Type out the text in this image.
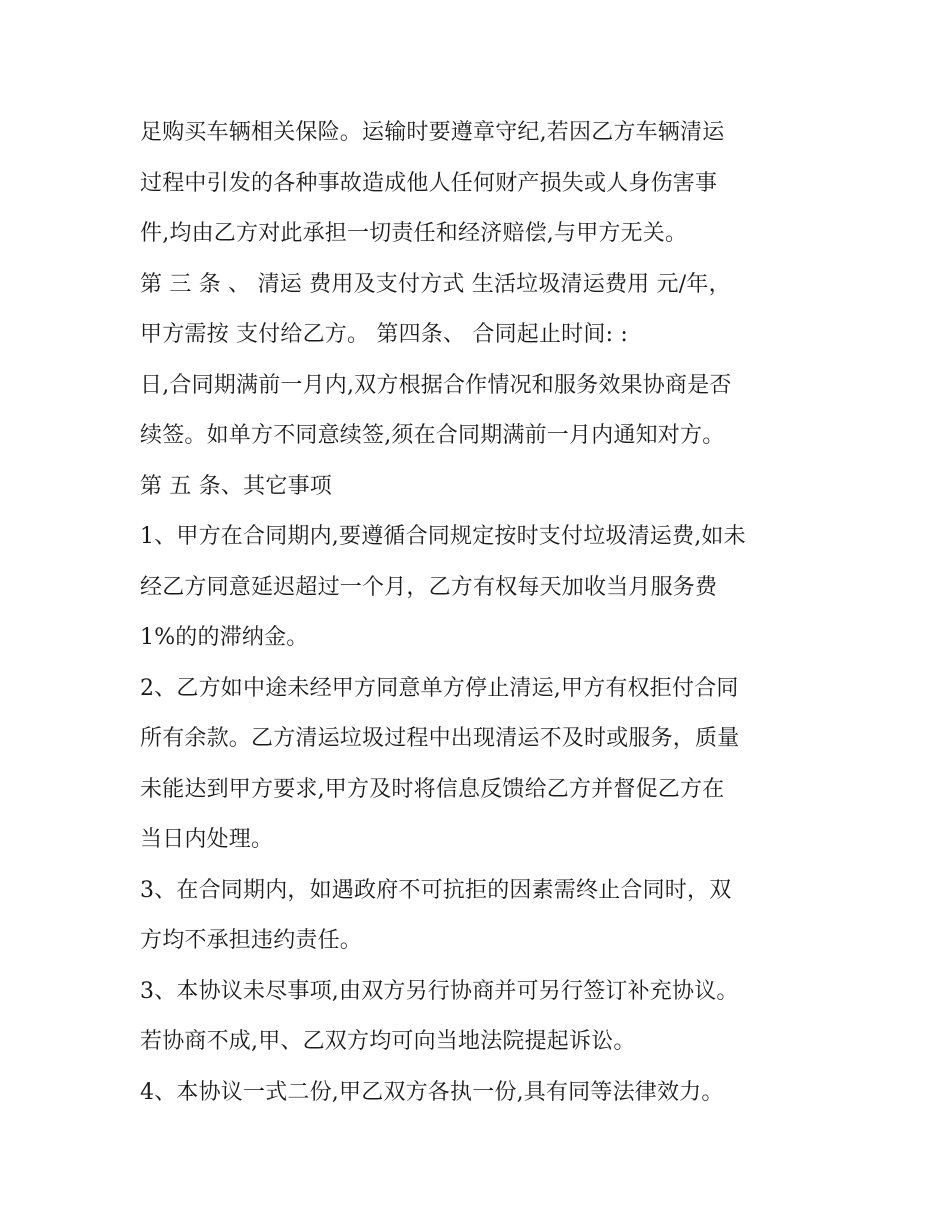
足购买车辆相关保险。运输时要遵章守纪,若因乙方车辆清运
过程中引发的各种事故造成他人任何财产损失或人身伤害事
件,均由乙方对此承担一切责任和经济赔偿,与甲方无关。
第 三 条 、 清运 费用及支付方式 生活垃圾清运费用 元/年，
甲方需按 支付给乙方。 第四条、 合同起止时间: :
日,合同期满前一月内,双方根据合作情况和服务效果协商是否
续签。如单方不同意续签,须在合同期满前一月内通知对方。
第 五 条、其它事项
1、甲方在合同期内,要遵循合同规定按时支付垃圾清运费,如未
经乙方同意延迟超过一个月，乙方有权每天加收当月服务费
1%的的滞纳金。
2、乙方如中途未经甲方同意单方停止清运,甲方有权拒付合同
所有余款。乙方清运垃圾过程中出现清运不及时或服务，质量
未能达到甲方要求,甲方及时将信息反馈给乙方并督促乙方在
当日内处理。
3、在合同期内，如遇政府不可抗拒的因素需终止合同时，双
方均不承担违约责任。
3、本协议未尽事项,由双方另行协商并可另行签订补充协议。
若协商不成,甲、乙双方均可向当地法院提起诉讼。
4、本协议一式二份,甲乙双方各执一份,具有同等法律效力。
